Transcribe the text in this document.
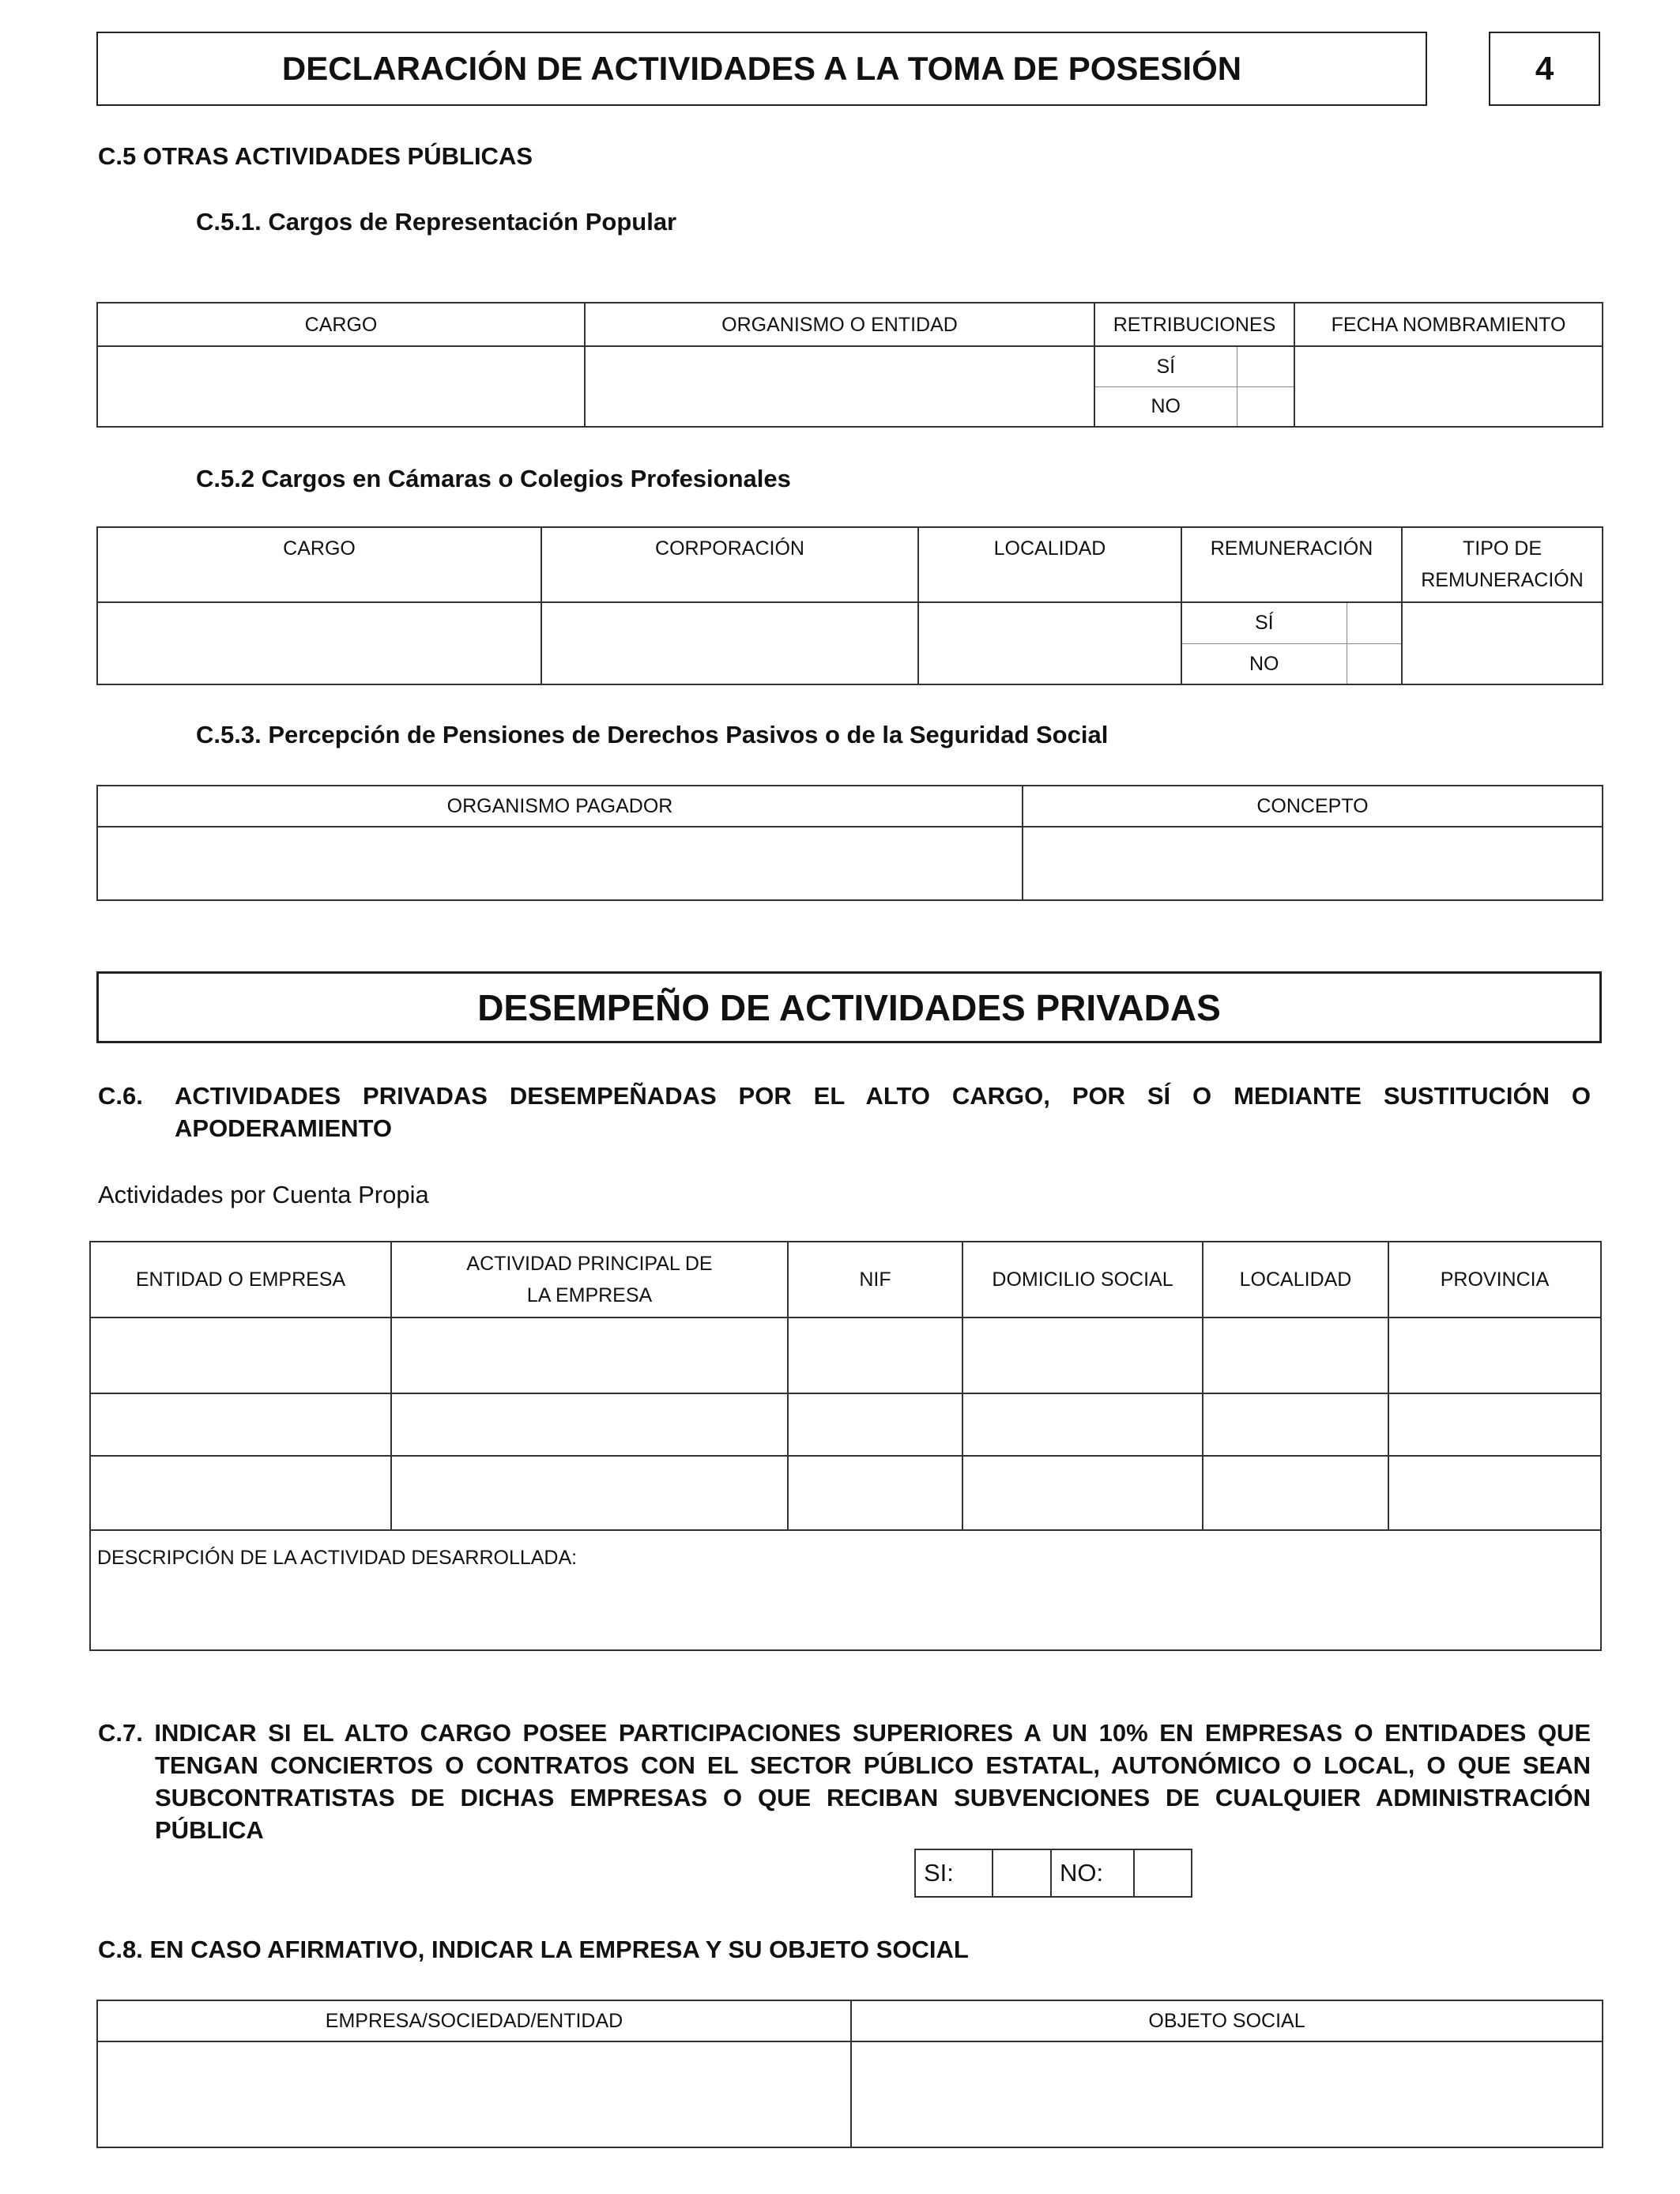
DECLARACIÓN DE ACTIVIDADES A LA TOMA DE POSESIÓN	4
C.5 OTRAS ACTIVIDADES PÚBLICAS
C.5.1. Cargos de Representación Popular
CARGO	ORGANISMO O ENTIDAD	RETRIBUCIONES		FECHA NOMBRAMIENTO
		SÍ		
		NO		
C.5.2 Cargos en Cámaras o Colegios Profesionales
CARGO	CORPORACIÓN	LOCALIDAD	REMUNERACIÓN		TIPO DE REMUNERACIÓN
			SÍ		
			NO		
C.5.3. Percepción de Pensiones de Derechos Pasivos o de la Seguridad Social
ORGANISMO PAGADOR	CONCEPTO

DESEMPEÑO DE ACTIVIDADES PRIVADAS
C.6. ACTIVIDADES PRIVADAS DESEMPEÑADAS POR EL ALTO CARGO, POR SÍ O MEDIANTE SUSTITUCIÓN O APODERAMIENTO
Actividades por Cuenta Propia
ENTIDAD O EMPRESA	ACTIVIDAD PRINCIPAL DE LA EMPRESA	NIF	DOMICILIO SOCIAL	LOCALIDAD	PROVINCIA

DESCRIPCIÓN DE LA ACTIVIDAD DESARROLLADA:					
C.7. INDICAR SI EL ALTO CARGO POSEE PARTICIPACIONES SUPERIORES A UN 10% EN EMPRESAS O ENTIDADES QUE TENGAN CONCIERTOS O CONTRATOS CON EL SECTOR PÚBLICO ESTATAL, AUTONÓMICO O LOCAL, O QUE SEAN SUBCONTRATISTAS DE DICHAS EMPRESAS O QUE RECIBAN SUBVENCIONES DE CUALQUIER ADMINISTRACIÓN PÚBLICA
SI:		NO:	
C.8. EN CASO AFIRMATIVO, INDICAR LA EMPRESA Y SU OBJETO SOCIAL
EMPRESA/SOCIEDAD/ENTIDAD	OBJETO SOCIAL
